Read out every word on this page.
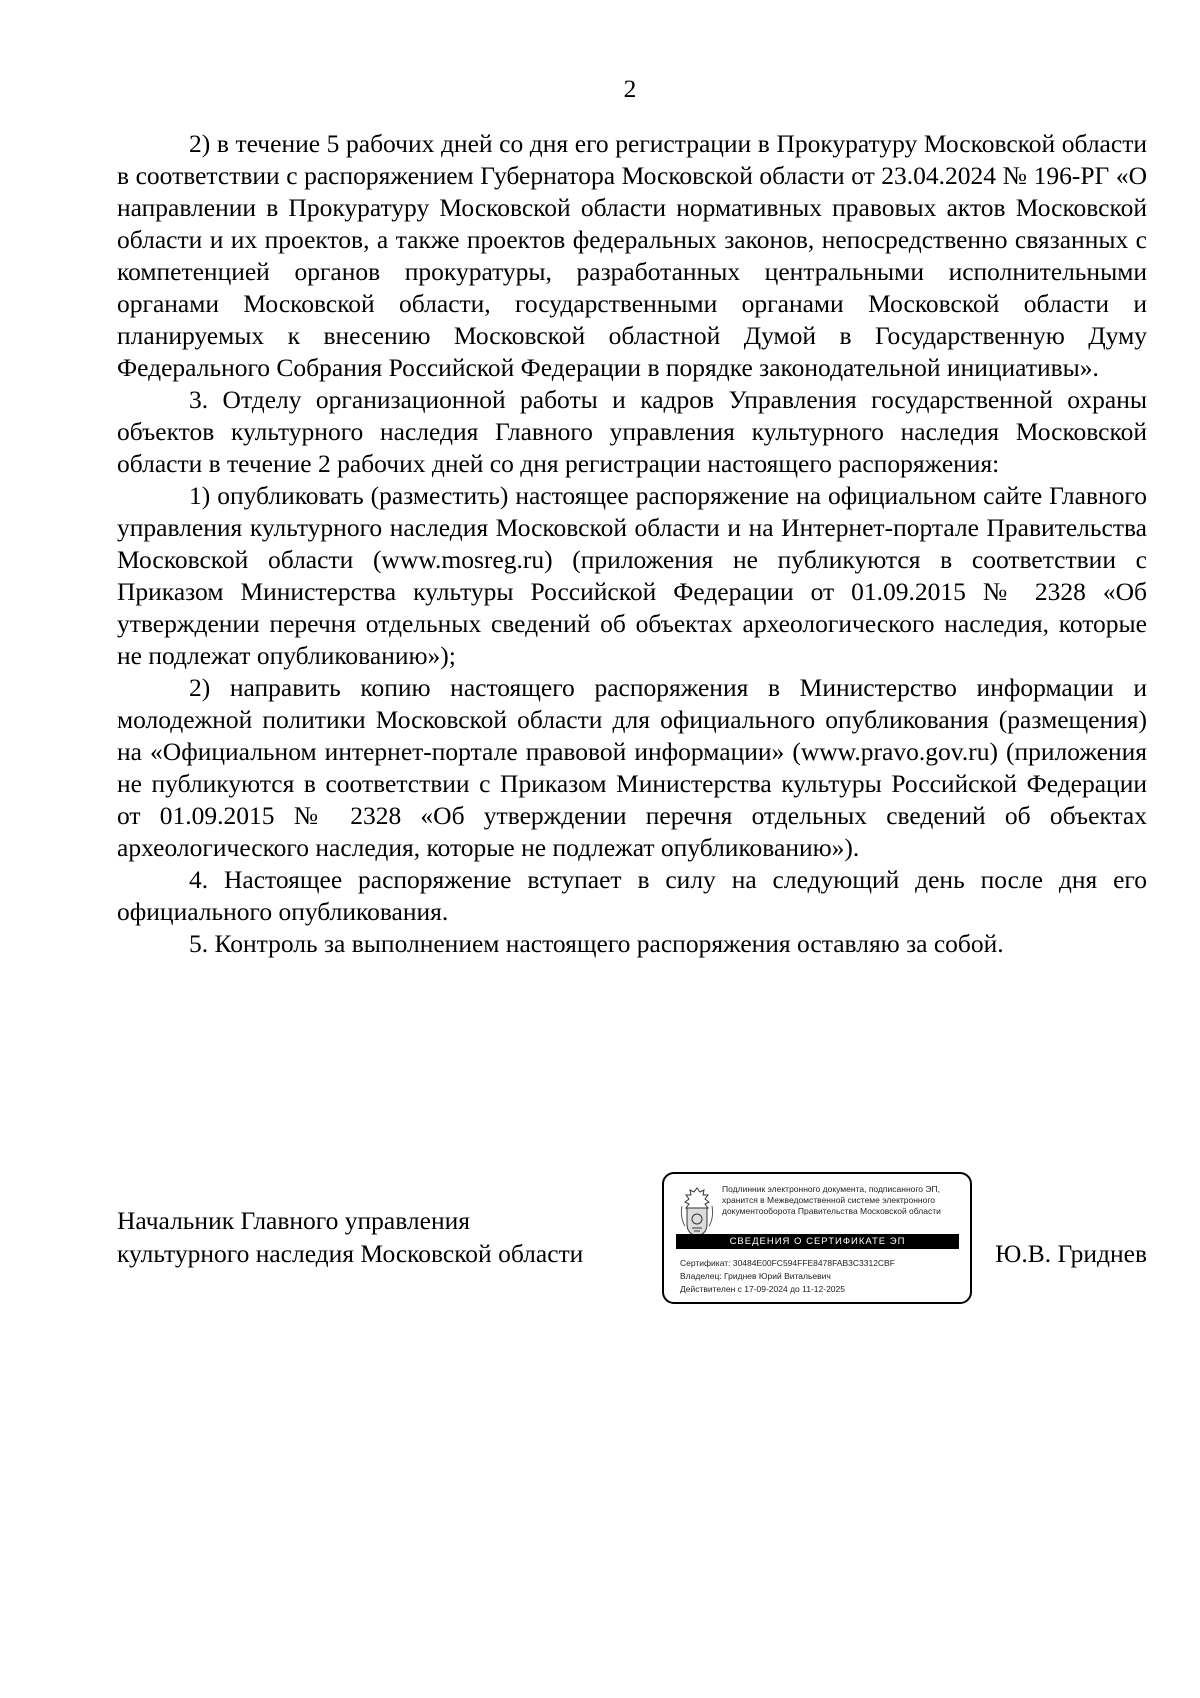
2

2) в течение 5 рабочих дней со дня его регистрации в Прокуратуру Московской области в соответствии с распоряжением Губернатора Московской области от 23.04.2024 № 196-РГ «О направлении в Прокуратуру Московской области нормативных правовых актов Московской области и их проектов, а также проектов федеральных законов, непосредственно связанных с компетенцией органов прокуратуры, разработанных центральными исполнительными органами Московской области, государственными органами Московской области и планируемых к внесению Московской областной Думой в Государственную Думу Федерального Собрания Российской Федерации в порядке законодательной инициативы».

3. Отделу организационной работы и кадров Управления государственной охраны объектов культурного наследия Главного управления культурного наследия Московской области в течение 2 рабочих дней со дня регистрации настоящего распоряжения:

1) опубликовать (разместить) настоящее распоряжение на официальном сайте Главного управления культурного наследия Московской области и на Интернет-портале Правительства Московской области (www.mosreg.ru) (приложения не публикуются в соответствии с Приказом Министерства культуры Российской Федерации от 01.09.2015 № 2328 «Об утверждении перечня отдельных сведений об объектах археологического наследия, которые не подлежат опубликованию»);

2) направить копию настоящего распоряжения в Министерство информации и молодежной политики Московской области для официального опубликования (размещения) на «Официальном интернет-портале правовой информации» (www.pravo.gov.ru) (приложения не публикуются в соответствии с Приказом Министерства культуры Российской Федерации от 01.09.2015 № 2328 «Об утверждении перечня отдельных сведений об объектах археологического наследия, которые не подлежат опубликованию»).

4. Настоящее распоряжение вступает в силу на следующий день после дня его официального опубликования.

5. Контроль за выполнением настоящего распоряжения оставляю за собой.

Начальник Главного управления
культурного наследия Московской области
Подлинник электронного документа, подписанного ЭП, хранится в Межведомственной системе электронного документооборота Правительства Московской области
СВЕДЕНИЯ О СЕРТИФИКАТЕ ЭП
Сертификат: 30484E00FC594FFE8478FAB3C3312CBF
Владелец: Гриднев Юрий Витальевич
Действителен с 17-09-2024 до 11-12-2025
Ю.В. Гриднев
